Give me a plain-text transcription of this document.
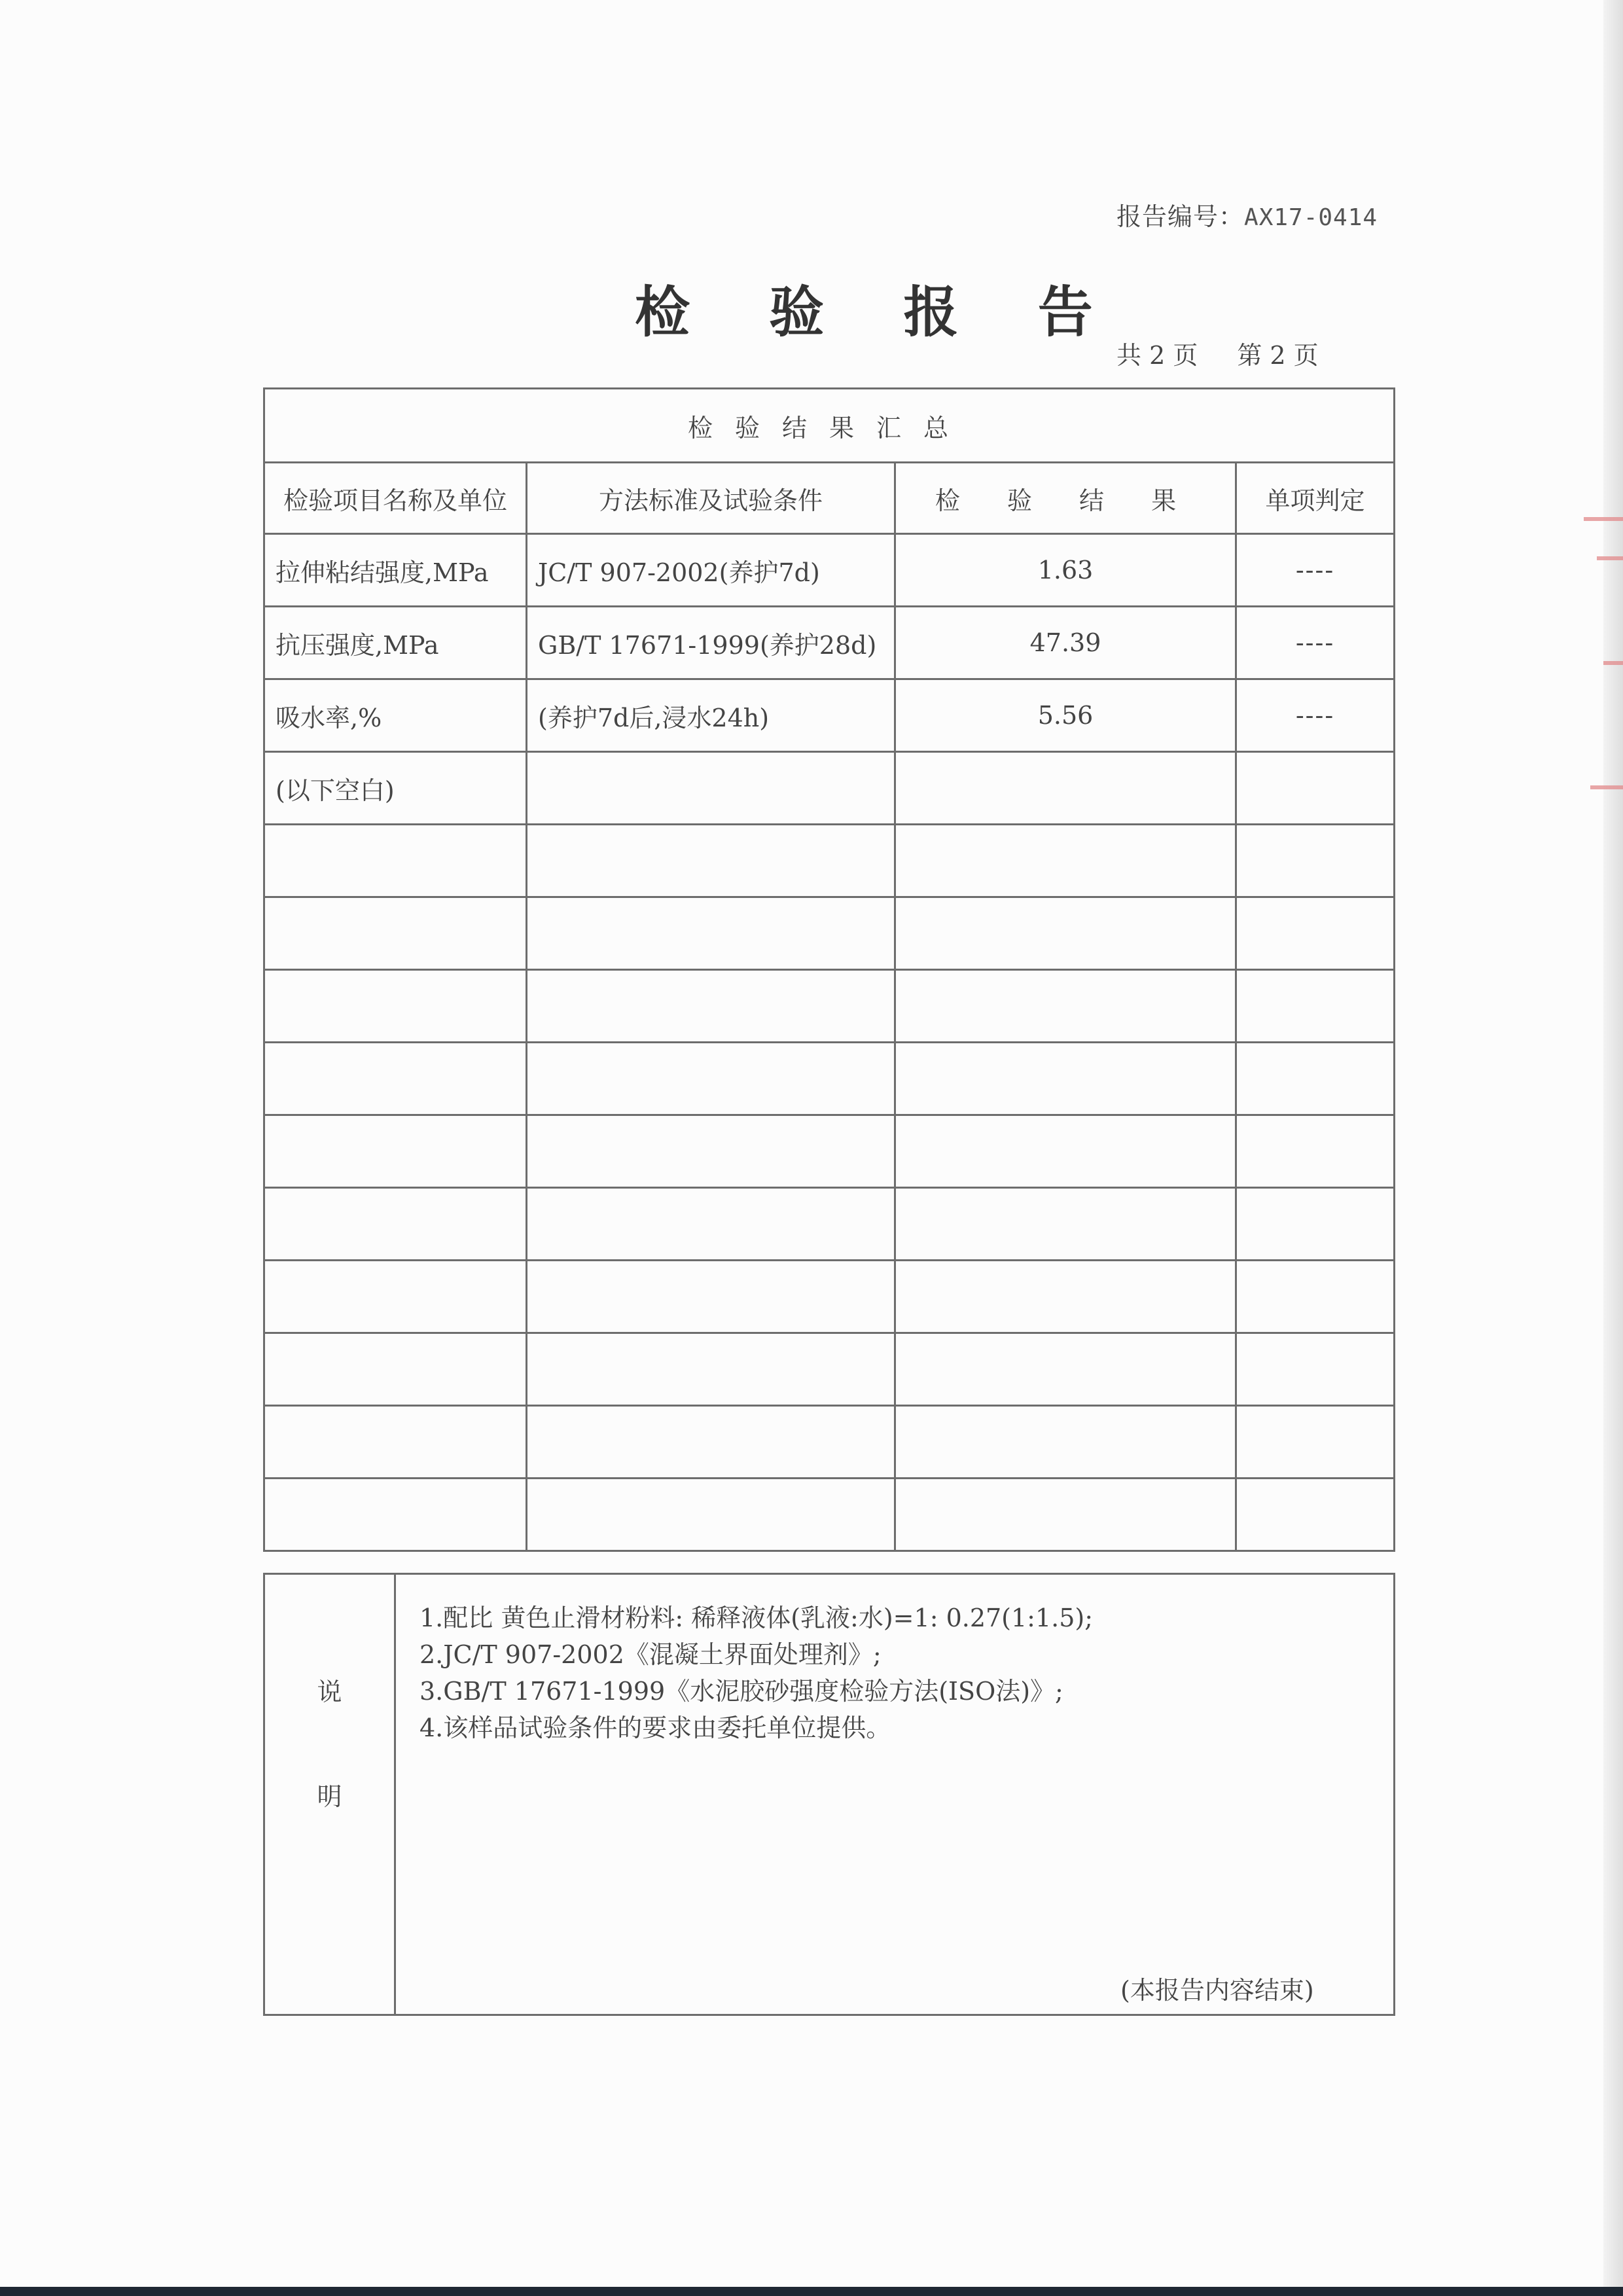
报告编号：AX17-0414
检 验 报 告
共 2 页 第 2 页
检验结果汇总			
检验项目名称及单位	方法标准及试验条件	检 验 结 果	单项判定
拉伸粘结强度,MPa	JC/T 907-2002(养护7d)	1.63	----
抗压强度,MPa	GB/T 17671-1999(养护28d)	47.39	----
吸水率,%	(养护7d后,浸水24h)	5.56	----
(以下空白)			

说
明

1.配比 黄色止滑材粉料: 稀释液体(乳液:水)=1: 0.27(1:1.5);
2.JC/T 907-2002《混凝土界面处理剂》;
3.GB/T 17671-1999《水泥胶砂强度检验方法(ISO法)》;
4.该样品试验条件的要求由委托单位提供。
(本报告内容结束)
